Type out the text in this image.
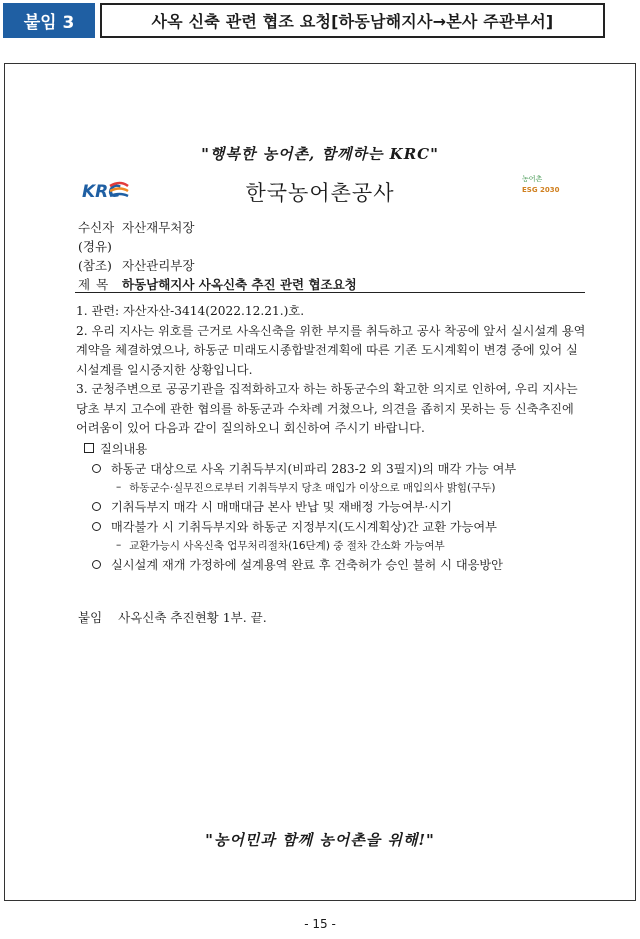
붙임 3	사옥 신축 관련 협조 요청[하동남해지사→본사 주관부서]
"행복한 농어촌, 함께하는 KRC"
KRC	한국농어촌공사
농어촌
ESG 2030
수신자 자산재무처장
(경유)
(참조) 자산관리부장
제목 하동남해지사 사옥신축 추진 관련 협조요청

1. 관련: 자산자산-3414(2022.12.21.)호.

2. 우리 지사는 위호를 근거로 사옥신축을 위한 부지를 취득하고 공사 착공에 앞서 실시설계 용역계약을 체결하였으나, 하동군 미래도시종합발전계획에 따른 기존 도시계획이 변경 중에 있어 실시설계를 일시중지한 상황입니다.

3. 군청주변으로 공공기관을 집적화하고자 하는 하동군수의 확고한 의지로 인하여, 우리 지사는 당초 부지 고수에 관한 협의를 하동군과 수차례 거쳤으나, 의견을 좁히지 못하는 등 신축추진에 어려움이 있어 다음과 같이 질의하오니 회신하여 주시기 바랍니다.

질의내용
하동군 대상으로 사옥 기취득부지(비파리 283-2 외 3필지)의 매각 가능 여부
– 하동군수·실무진으로부터 기취득부지 당초 매입가 이상으로 매입의사 밝힘(구두)
기취득부지 매각 시 매매대금 본사 반납 및 재배정 가능여부·시기
매각불가 시 기취득부지와 하동군 지정부지(도시계획상)간 교환 가능여부
– 교환가능시 사옥신축 업무처리절차(16단계) 중 절차 간소화 가능여부
실시설계 재개 가정하에 설계용역 완료 후 건축허가 승인 불허 시 대응방안
붙임 사옥신축 추진현황 1부. 끝.
"농어민과 함께 농어촌을 위해!"
- 15 -
